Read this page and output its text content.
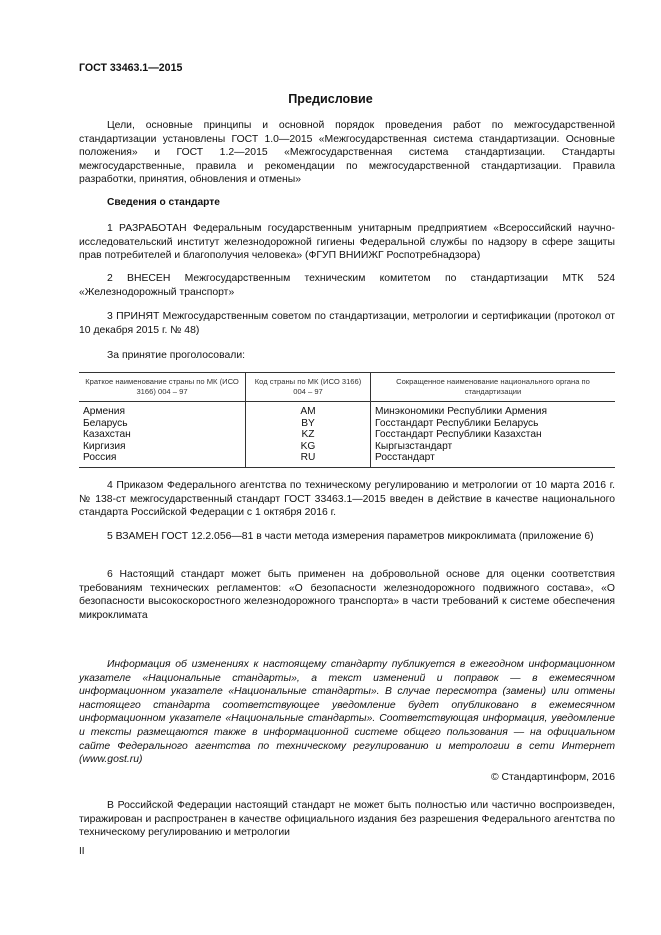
ГОСТ 33463.1—2015
Предисловие

Цели, основные принципы и основной порядок проведения работ по межгосударственной стандартизации установлены ГОСТ 1.0—2015 «Межгосударственная система стандартизации. Основные положения» и ГОСТ 1.2—2015 «Межгосударственная система стандартизации. Стандарты межгосударственные, правила и рекомендации по межгосударственной стандартизации. Правила разработки, принятия, обновления и отмены»

Сведения о стандарте

1 РАЗРАБОТАН Федеральным государственным унитарным предприятием «Всероссийский научно-исследовательский институт железнодорожной гигиены Федеральной службы по надзору в сфере защиты прав потребителей и благополучия человека» (ФГУП ВНИИЖГ Роспотребнадзора)

2 ВНЕСЕН Межгосударственным техническим комитетом по стандартизации МТК 524 «Железнодорожный транспорт»

3 ПРИНЯТ Межгосударственным советом по стандартизации, метрологии и сертификации (протокол от 10 декабря 2015 г. № 48)

За принятие проголосовали:

Краткое наименование страны по МК (ИСО 3166) 004 – 97	Код страны по МК (ИСО 3166) 004 – 97	Сокращенное наименование национального органа по стандартизации
Армения	AM	Минэкономики Республики Армения
Беларусь	BY	Госстандарт Республики Беларусь
Казахстан	KZ	Госстандарт Республики Казахстан
Киргизия	KG	Кыргызстандарт
Россия	RU	Росстандарт

4 Приказом Федерального агентства по техническому регулированию и метрологии от 10 марта 2016 г. № 138-ст межгосударственный стандарт ГОСТ 33463.1—2015 введен в действие в качестве национального стандарта Российской Федерации с 1 октября 2016 г.

5 ВЗАМЕН ГОСТ 12.2.056—81 в части метода измерения параметров микроклимата (приложение 6)

6 Настоящий стандарт может быть применен на добровольной основе для оценки соответствия требованиям технических регламентов: «О безопасности железнодорожного подвижного состава», «О безопасности высокоскоростного железнодорожного транспорта» в части требований к системе обеспечения микроклимата

Информация об изменениях к настоящему стандарту публикуется в ежегодном информационном указателе «Национальные стандарты», а текст изменений и поправок — в ежемесячном информационном указателе «Национальные стандарты». В случае пересмотра (замены) или отмены настоящего стандарта соответствующее уведомление будет опубликовано в ежемесячном информационном указателе «Национальные стандарты». Соответствующая информация, уведомление и тексты размещаются также в информационной системе общего пользования — на официальном сайте Федерального агентства по техническому регулированию и метрологии в сети Интернет (www.gost.ru)

© Стандартинформ, 2016

В Российской Федерации настоящий стандарт не может быть полностью или частично воспроизведен, тиражирован и распространен в качестве официального издания без разрешения Федерального агентства по техническому регулированию и метрологии

II
